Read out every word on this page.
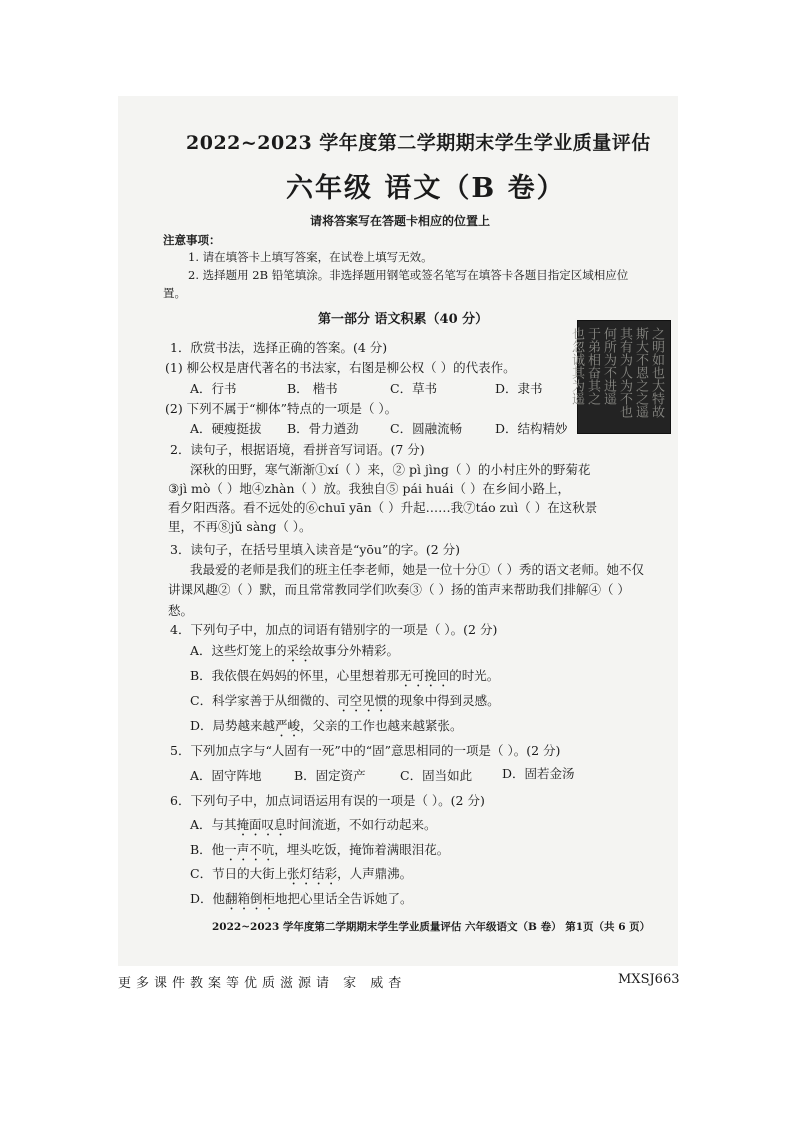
2022~2023 学年度第二学期期末学生学业质量评估
六年级 语文（B 卷）
请将答案写在答题卡相应的位置上
注意事项：
1. 请在填答卡上填写答案，在试卷上填写无效。
2. 选择题用 2B 铅笔填涂。非选择题用钢笔或签名笔写在填答卡各题目指定区域相应位
置。
第一部分 语文积累（40 分）
之明如也大特故
斯大不恩之之遥
其有为人为不也
何所为不进遥
于弟相奋其之
也忽诚其为遥
1．欣赏书法，选择正确的答案。(4 分)
(1) 柳公权是唐代著名的书法家，右图是柳公权（ ）的代表作。
A．行书	B． 楷书	C．草书	D．隶书
(2) 下列不属于“柳体”特点的一项是（ ）。
A．硬瘦挺拔 B．骨力遒劲	C．圆融流畅	D．结构精妙
2．读句子，根据语境，看拼音写词语。(7 分)
深秋的田野，寒气渐渐①xí（ ）来，② pì jìng（ ）的小村庄外的野菊花
③jì mò（ ）地④zhàn（ ）放。我独自⑤ pái huái（ ）在乡间小路上，
看夕阳西落。看不远处的⑥chuī yān（ ）升起……我⑦táo zuì（ ）在这秋景
里，不再⑧jǔ sàng（ ）。
3．读句子，在括号里填入读音是“yōu”的字。(2 分)
我最爱的老师是我们的班主任李老师，她是一位十分①（ ）秀的语文老师。她不仅
讲课风趣②（ ）默，而且常常教同学们吹奏③（ ）扬的笛声来帮助我们排解④（ ）
愁。
4．下列句子中，加点的词语有错别字的一项是（ ）。(2 分)
A．这些灯笼上的采绘故事分外精彩。
B．我依偎在妈妈的怀里，心里想着那无可挽回的时光。
C．科学家善于从细微的、司空见惯的现象中得到灵感。
D．局势越来越严峻，父亲的工作也越来越紧张。
5．下列加点字与“人固有一死”中的“固”意思相同的一项是（ ）。(2 分)
A．固守阵地	B．固定资产	C．固当如此 D．固若金汤
6．下列句子中，加点词语运用有误的一项是（ ）。(2 分)
A．与其掩面叹息时间流逝，不如行动起来。
B．他一声不吭，埋头吃饭，掩饰着满眼泪花。
C．节日的大街上张灯结彩，人声鼎沸。
D．他翻箱倒柜地把心里话全告诉她了。
2022~2023 学年度第二学期期末学生学业质量评估 六年级语文（B 卷） 第1页（共 6 页）
更多课件教案等优质滋源请 家 威杳	MXSJ663
